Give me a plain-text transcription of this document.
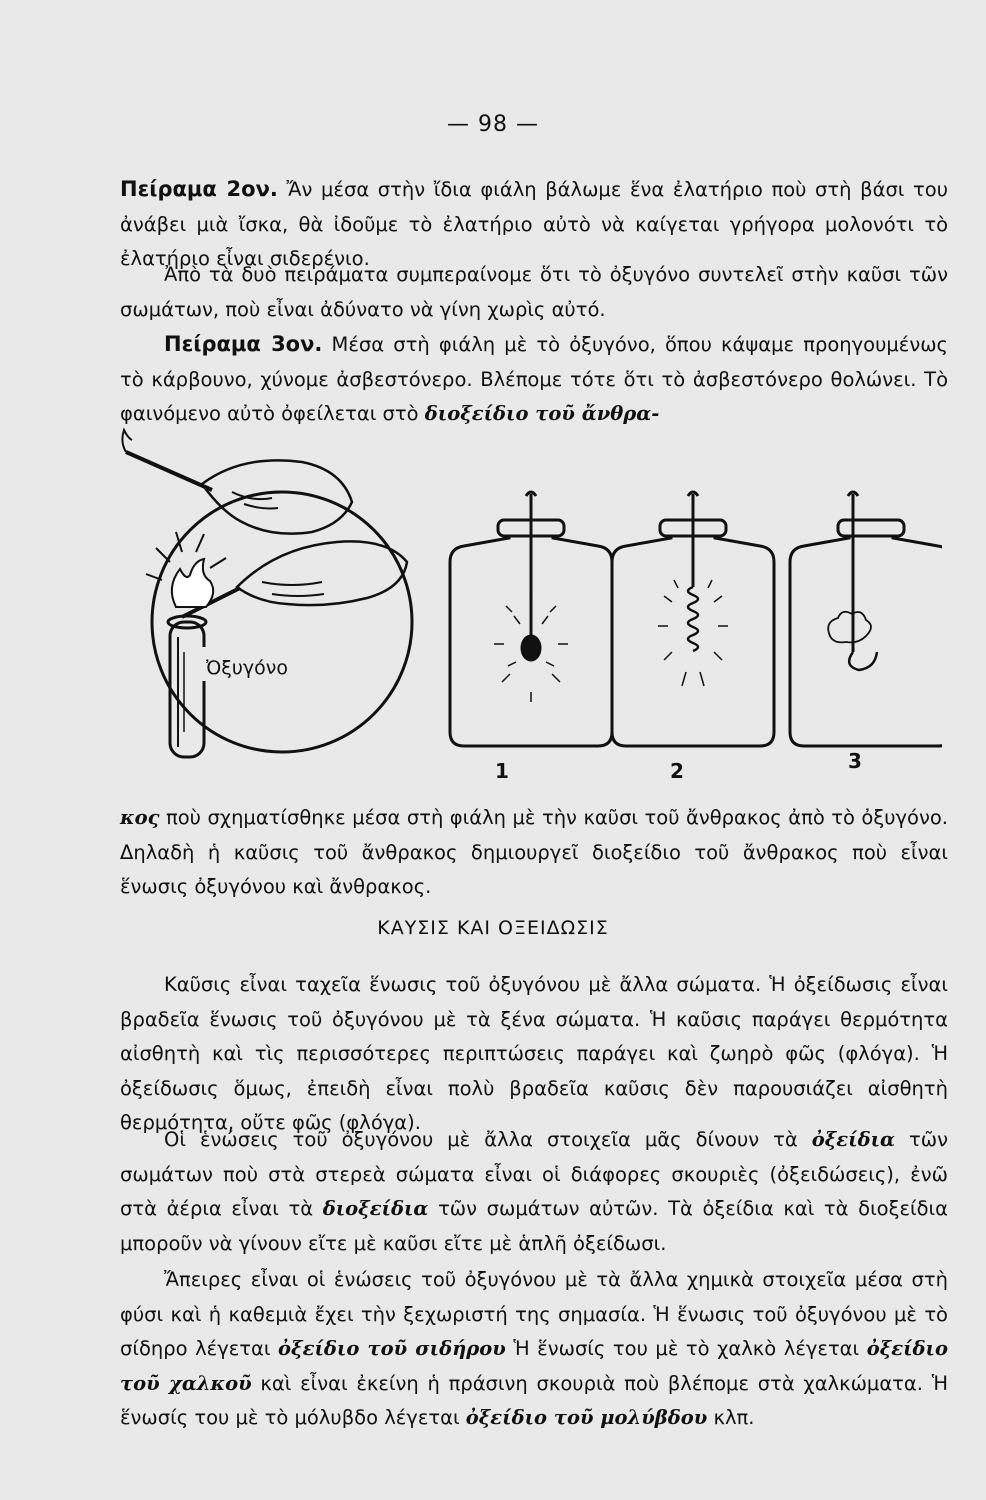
— 98 —

Πείραμα 2ον. Ἄν μέσα στὴν ἴδια φιάλη βάλωμε ἕνα ἐλατήριο ποὺ στὴ βάσι του ἀνάβει μιὰ ἴσκα, θὰ ἰδοῦμε τὸ ἐλατήριο αὐτὸ νὰ καίγεται γρήγορα μολονότι τὸ ἐλατήριο εἶναι σιδερένιο.

Ἀπὸ τὰ δυὸ πειράματα συμπεραίνομε ὅτι τὸ ὀξυγόνο συντελεῖ στὴν καῦσι τῶν σωμάτων, ποὺ εἶναι ἀδύνατο νὰ γίνη χωρὶς αὐτό.

Πείραμα 3ον. Μέσα στὴ φιάλη μὲ τὸ ὀξυγόνο, ὅπου κάψαμε προηγουμένως τὸ κάρβουνο, χύνομε ἀσβεστόνερο. Βλέπομε τότε ὅτι τὸ ἀσβεστόνερο θολώνει. Τὸ φαινόμενο αὐτὸ ὀφείλεται στὸ διοξείδιο τοῦ ἄνθρα-

Ὀξυγόνο
1	2	3

κος ποὺ σχηματίσθηκε μέσα στὴ φιάλη μὲ τὴν καῦσι τοῦ ἄνθρακος ἀπὸ τὸ ὀξυγόνο. Δηλαδὴ ἡ καῦσις τοῦ ἄνθρακος δημιουργεῖ διοξείδιο τοῦ ἄνθρακος ποὺ εἶναι ἕνωσις ὀξυγόνου καὶ ἄνθρακος.

ΚΑΥΣΙΣ ΚΑΙ ΟΞΕΙΔΩΣΙΣ

Καῦσις εἶναι ταχεῖα ἕνωσις τοῦ ὀξυγόνου μὲ ἄλλα σώματα. Ἡ ὀξείδωσις εἶναι βραδεῖα ἕνωσις τοῦ ὀξυγόνου μὲ τὰ ξένα σώματα. Ἡ καῦσις παράγει θερμότητα αἰσθητὴ καὶ τὶς περισσότερες περιπτώσεις παράγει καὶ ζωηρὸ φῶς (φλόγα). Ἡ ὀξείδωσις ὅμως, ἐπειδὴ εἶναι πολὺ βραδεῖα καῦσις δὲν παρουσιάζει αἰσθητὴ θερμότητα, οὔτε φῶς (φλόγα).

Οἱ ἑνώσεις τοῦ ὀξυγόνου μὲ ἄλλα στοιχεῖα μᾶς δίνουν τὰ ὀξείδια τῶν σωμάτων ποὺ στὰ στερεὰ σώματα εἶναι οἱ διάφορες σκουριὲς (ὀξειδώσεις), ἐνῶ στὰ ἀέρια εἶναι τὰ διοξείδια τῶν σωμάτων αὐτῶν. Τὰ ὀξείδια καὶ τὰ διοξείδια μποροῦν νὰ γίνουν εἴτε μὲ καῦσι εἴτε μὲ ἁπλῆ ὀξείδωσι.

Ἄπειρες εἶναι οἱ ἑνώσεις τοῦ ὀξυγόνου μὲ τὰ ἄλλα χημικὰ στοιχεῖα μέσα στὴ φύσι καὶ ἡ καθεμιὰ ἔχει τὴν ξεχωριστή της σημασία. Ἡ ἕνωσις τοῦ ὀξυγόνου μὲ τὸ σίδηρο λέγεται ὀξείδιο τοῦ σιδήρου Ἡ ἕνωσίς του μὲ τὸ χαλκὸ λέγεται ὀξείδιο τοῦ χαλκοῦ καὶ εἶναι ἐκείνη ἡ πράσινη σκουριὰ ποὺ βλέπομε στὰ χαλκώματα. Ἡ ἕνωσίς του μὲ τὸ μόλυβδο λέγεται ὀξείδιο τοῦ μολύβδου κλπ.
